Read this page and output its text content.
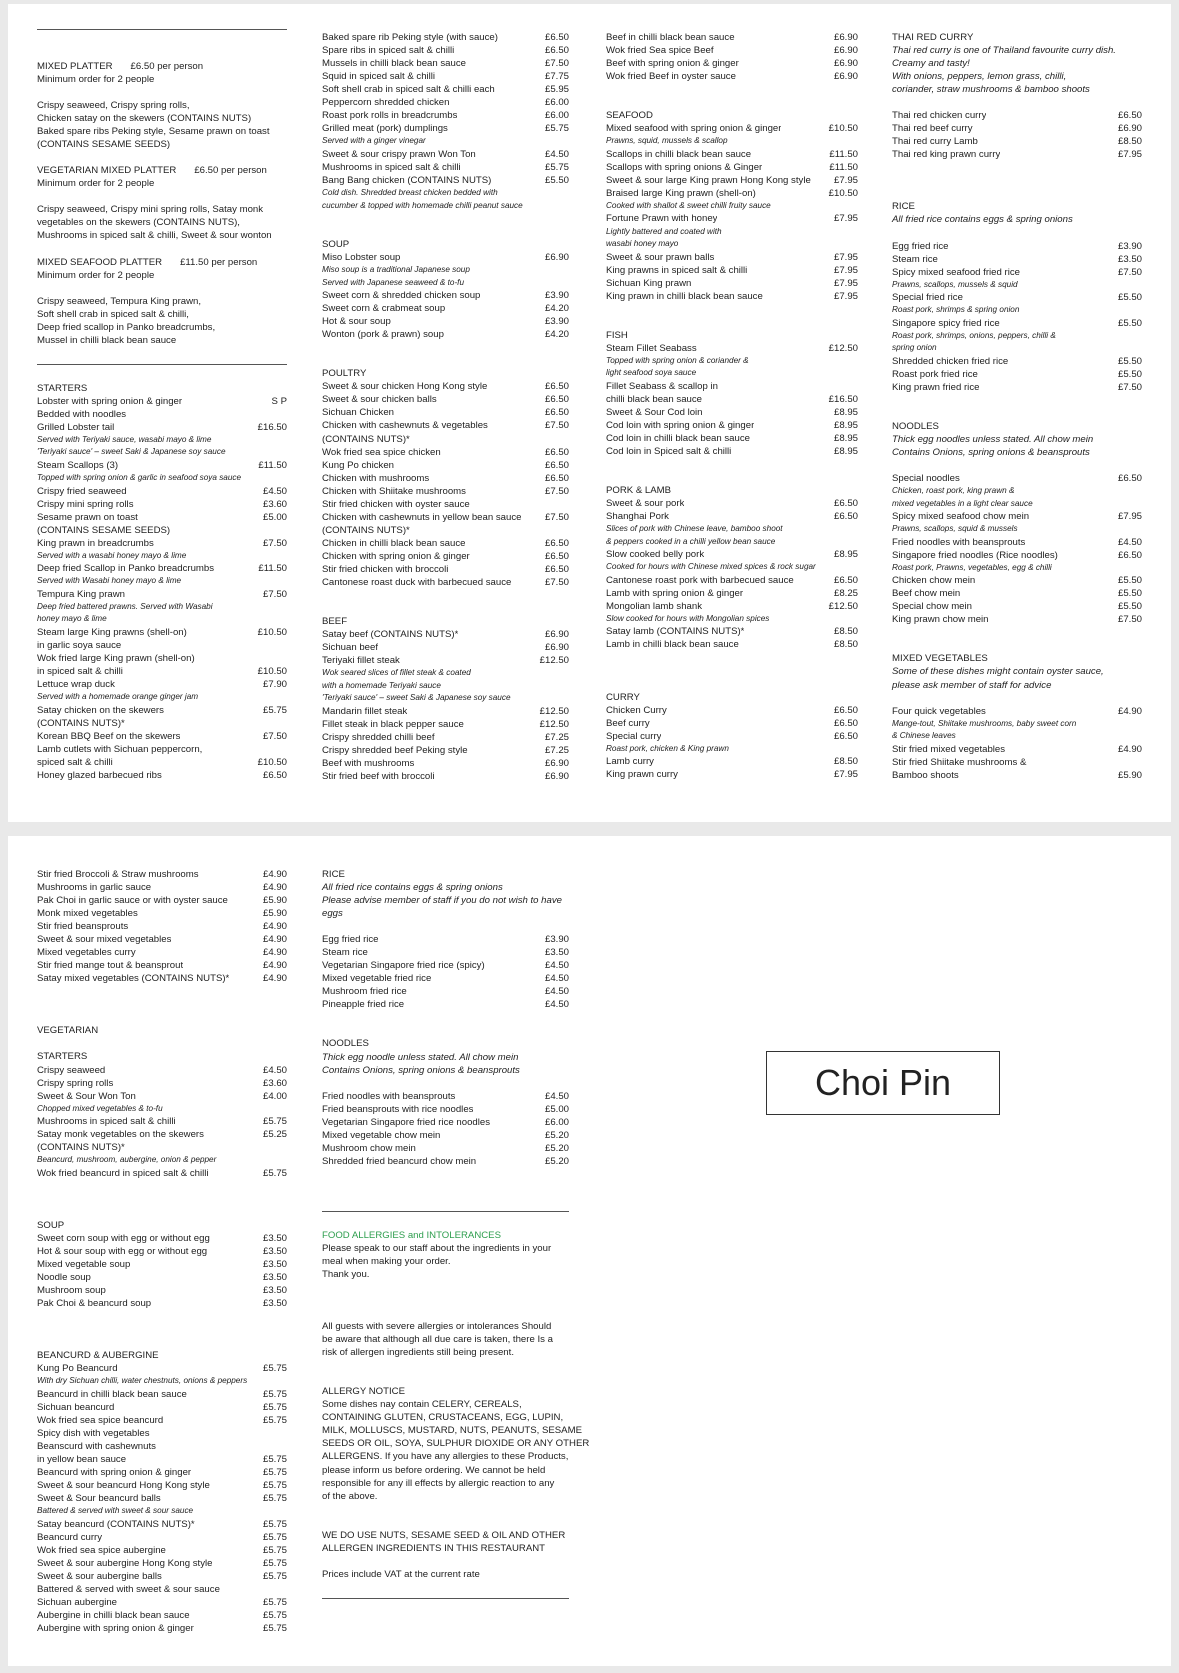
MIXED PLATTER £6.50 per person
Minimum order for 2 people
Crispy seaweed, Crispy spring rolls,
Chicken satay on the skewers (CONTAINS NUTS)
Baked spare ribs Peking style, Sesame prawn on toast
(CONTAINS SESAME SEEDS)
VEGETARIAN MIXED PLATTER £6.50 per person
Minimum order for 2 people
Crispy seaweed, Crispy mini spring rolls, Satay monk
vegetables on the skewers (CONTAINS NUTS),
Mushrooms in spiced salt & chilli, Sweet & sour wonton
MIXED SEAFOOD PLATTER £11.50 per person
Minimum order for 2 people
Crispy seaweed, Tempura King prawn,
Soft shell crab in spiced salt & chilli,
Deep fried scallop in Panko breadcrumbs,
Mussel in chilli black bean sauce
STARTERS
Lobster with spring onion & ginger	S P
Bedded with noodles
Grilled Lobster tail	£16.50
Served with Teriyaki sauce, wasabi mayo & lime
'Teriyaki sauce' – sweet Saki & Japanese soy sauce
Steam Scallops (3)	£11.50
Topped with spring onion & garlic in seafood soya sauce
Crispy fried seaweed	£4.50
Crispy mini spring rolls	£3.60
Sesame prawn on toast	£5.00
(CONTAINS SESAME SEEDS)
King prawn in breadcrumbs	£7.50
Served with a wasabi honey mayo & lime
Deep fried Scallop in Panko breadcrumbs	£11.50
Served with Wasabi honey mayo & lime
Tempura King prawn	£7.50
Deep fried battered prawns. Served with Wasabi
honey mayo & lime
Steam large King prawns (shell-on)	£10.50
in garlic soya sauce
Wok fried large King prawn (shell-on)
in spiced salt & chilli	£10.50
Lettuce wrap duck	£7.90
Served with a homemade orange ginger jam
Satay chicken on the skewers	£5.75
(CONTAINS NUTS)*
Korean BBQ Beef on the skewers	£7.50
Lamb cutlets with Sichuan peppercorn,
spiced salt & chilli	£10.50
Honey glazed barbecued ribs	£6.50
Baked spare rib Peking style (with sauce)	£6.50
Spare ribs in spiced salt & chilli	£6.50
Mussels in chilli black bean sauce	£7.50
Squid in spiced salt & chilli	£7.75
Soft shell crab in spiced salt & chilli each	£5.95
Peppercorn shredded chicken	£6.00
Roast pork rolls in breadcrumbs	£6.00
Grilled meat (pork) dumplings	£5.75
Served with a ginger vinegar
Sweet & sour crispy prawn Won Ton	£4.50
Mushrooms in spiced salt & chilli	£5.75
Bang Bang chicken (CONTAINS NUTS)	£5.50
Cold dish. Shredded breast chicken bedded with
cucumber & topped with homemade chilli peanut sauce
SOUP
Miso Lobster soup	£6.90
Miso soup is a traditional Japanese soup
Served with Japanese seaweed & to-fu
Sweet corn & shredded chicken soup	£3.90
Sweet corn & crabmeat soup	£4.20
Hot & sour soup	£3.90
Wonton (pork & prawn) soup	£4.20
POULTRY
Sweet & sour chicken Hong Kong style	£6.50
Sweet & sour chicken balls	£6.50
Sichuan Chicken	£6.50
Chicken with cashewnuts & vegetables	£7.50
(CONTAINS NUTS)*
Wok fried sea spice chicken	£6.50
Kung Po chicken	£6.50
Chicken with mushrooms	£6.50
Chicken with Shiitake mushrooms	£7.50
Stir fried chicken with oyster sauce
Chicken with cashewnuts in yellow bean sauce £7.50
(CONTAINS NUTS)*
Chicken in chilli black bean sauce	£6.50
Chicken with spring onion & ginger	£6.50
Stir fried chicken with broccoli	£6.50
Cantonese roast duck with barbecued sauce	£7.50
BEEF
Satay beef (CONTAINS NUTS)*	£6.90
Sichuan beef	£6.90
Teriyaki fillet steak	£12.50
Wok seared slices of fillet steak & coated
with a homemade Teriyaki sauce
'Teriyaki sauce' – sweet Saki & Japanese soy sauce
Mandarin fillet steak	£12.50
Fillet steak in black pepper sauce	£12.50
Crispy shredded chilli beef	£7.25
Crispy shredded beef Peking style	£7.25
Beef with mushrooms	£6.90
Stir fried beef with broccoli	£6.90
Beef in chilli black bean sauce	£6.90
Wok fried Sea spice Beef	£6.90
Beef with spring onion & ginger	£6.90
Wok fried Beef in oyster sauce	£6.90
SEAFOOD
Mixed seafood with spring onion & ginger	£10.50
Prawns, squid, mussels & scallop
Scallops in chilli black bean sauce	£11.50
Scallops with spring onions & Ginger	£11.50
Sweet & sour large King prawn Hong Kong style £7.95
Braised large King prawn (shell-on)	£10.50
Cooked with shallot & sweet chilli fruity sauce
Fortune Prawn with honey	£7.95
Lightly battered and coated with
wasabi honey mayo
Sweet & sour prawn balls	£7.95
King prawns in spiced salt & chilli	£7.95
Sichuan King prawn	£7.95
King prawn in chilli black bean sauce	£7.95
FISH
Steam Fillet Seabass	£12.50
Topped with spring onion & coriander &
light seafood soya sauce
Fillet Seabass & scallop in
chilli black bean sauce	£16.50
Sweet & Sour Cod loin	£8.95
Cod loin with spring onion & ginger	£8.95
Cod loin in chilli black bean sauce	£8.95
Cod loin in Spiced salt & chilli	£8.95
PORK & LAMB
Sweet & sour pork	£6.50
Shanghai Pork	£6.50
Slices of pork with Chinese leave, bamboo shoot
& peppers cooked in a chilli yellow bean sauce
Slow cooked belly pork	£8.95
Cooked for hours with Chinese mixed spices & rock sugar
Cantonese roast pork with barbecued sauce	£6.50
Lamb with spring onion & ginger	£8.25
Mongolian lamb shank	£12.50
Slow cooked for hours with Mongolian spices
Satay lamb (CONTAINS NUTS)*	£8.50
Lamb in chilli black bean sauce	£8.50
CURRY
Chicken Curry	£6.50
Beef curry	£6.50
Special curry	£6.50
Roast pork, chicken & King prawn
Lamb curry	£8.50
King prawn curry	£7.95
THAI RED CURRY
Thai red curry is one of Thailand favourite curry dish.
Creamy and tasty!
With onions, peppers, lemon grass, chilli,
coriander, straw mushrooms & bamboo shoots
Thai red chicken curry	£6.50
Thai red beef curry	£6.90
Thai red curry Lamb	£8.50
Thai red king prawn curry	£7.95
RICE
All fried rice contains eggs & spring onions
Egg fried rice	£3.90
Steam rice	£3.50
Spicy mixed seafood fried rice	£7.50
Prawns, scallops, mussels & squid
Special fried rice	£5.50
Roast pork, shrimps & spring onion
Singapore spicy fried rice	£5.50
Roast pork, shrimps, onions, peppers, chilli &
spring onion
Shredded chicken fried rice	£5.50
Roast pork fried rice	£5.50
King prawn fried rice	£7.50
NOODLES
Thick egg noodles unless stated. All chow mein
Contains Onions, spring onions & beansprouts
Special noodles	£6.50
Chicken, roast pork, king prawn &
mixed vegetables in a light clear sauce
Spicy mixed seafood chow mein	£7.95
Prawns, scallops, squid & mussels
Fried noodles with beansprouts	£4.50
Singapore fried noodles (Rice noodles)	£6.50
Roast pork, Prawns, vegetables, egg & chilli
Chicken chow mein	£5.50
Beef chow mein	£5.50
Special chow mein	£5.50
King prawn chow mein	£7.50
MIXED VEGETABLES
Some of these dishes might contain oyster sauce,
please ask member of staff for advice
Four quick vegetables	£4.90
Mange-tout, Shiitake mushrooms, baby sweet corn
& Chinese leaves
Stir fried mixed vegetables	£4.90
Stir fried Shiitake mushrooms &
Bamboo shoots	£5.90
Stir fried Broccoli & Straw mushrooms	£4.90
Mushrooms in garlic sauce	£4.90
Pak Choi in garlic sauce or with oyster sauce	£5.90
Monk mixed vegetables	£5.90
Stir fried beansprouts	£4.90
Sweet & sour mixed vegetables	£4.90
Mixed vegetables curry	£4.90
Stir fried mange tout & beansprout	£4.90
Satay mixed vegetables (CONTAINS NUTS)*	£4.90
VEGETARIAN
STARTERS
Crispy seaweed	£4.50
Crispy spring rolls	£3.60
Sweet & Sour Won Ton	£4.00
Chopped mixed vegetables & to-fu
Mushrooms in spiced salt & chilli	£5.75
Satay monk vegetables on the skewers	£5.25
(CONTAINS NUTS)*
Beancurd, mushroom, aubergine, onion & pepper
Wok fried beancurd in spiced salt & chilli	£5.75
SOUP
Sweet corn soup with egg or without egg	£3.50
Hot & sour soup with egg or without egg	£3.50
Mixed vegetable soup	£3.50
Noodle soup	£3.50
Mushroom soup	£3.50
Pak Choi & beancurd soup	£3.50
BEANCURD & AUBERGINE
Kung Po Beancurd	£5.75
With dry Sichuan chilli, water chestnuts, onions & peppers
Beancurd in chilli black bean sauce	£5.75
Sichuan beancurd	£5.75
Wok fried sea spice beancurd	£5.75
Spicy dish with vegetables
Beanscurd with cashewnuts
in yellow bean sauce	£5.75
Beancurd with spring onion & ginger	£5.75
Sweet & sour beancurd Hong Kong style	£5.75
Sweet & Sour beancurd balls	£5.75
Battered & served with sweet & sour sauce
Satay beancurd (CONTAINS NUTS)*	£5.75
Beancurd curry	£5.75
Wok fried sea spice aubergine	£5.75
Sweet & sour aubergine Hong Kong style	£5.75
Sweet & sour aubergine balls	£5.75
Battered & served with sweet & sour sauce
Sichuan aubergine	£5.75
Aubergine in chilli black bean sauce	£5.75
Aubergine with spring onion & ginger	£5.75
RICE
All fried rice contains eggs & spring onions
Please advise member of staff if you do not wish to have
eggs
Egg fried rice	£3.90
Steam rice	£3.50
Vegetarian Singapore fried rice (spicy)	£4.50
Mixed vegetable fried rice	£4.50
Mushroom fried rice	£4.50
Pineapple fried rice	£4.50
NOODLES
Thick egg noodle unless stated. All chow mein
Contains Onions, spring onions & beansprouts
Fried noodles with beansprouts	£4.50
Fried beansprouts with rice noodles	£5.00
Vegetarian Singapore fried rice noodles	£6.00
Mixed vegetable chow mein	£5.20
Mushroom chow mein	£5.20
Shredded fried beancurd chow mein	£5.20
FOOD ALLERGIES and INTOLERANCES
Please speak to our staff about the ingredients in your
meal when making your order.
Thank you.
All guests with severe allergies or intolerances Should
be aware that although all due care is taken, there Is a
risk of allergen ingredients still being present.
ALLERGY NOTICE
Some dishes nay contain CELERY, CEREALS,
CONTAINING GLUTEN, CRUSTACEANS, EGG, LUPIN,
MILK, MOLLUSCS, MUSTARD, NUTS, PEANUTS, SESAME
SEEDS OR OIL, SOYA, SULPHUR DIOXIDE OR ANY OTHER
ALLERGENS. If you have any allergies to these Products,
please inform us before ordering. We cannot be held
responsible for any ill effects by allergic reaction to any
of the above.
WE DO USE NUTS, SESAME SEED & OIL AND OTHER
ALLERGEN INGREDIENTS IN THIS RESTAURANT
Prices include VAT at the current rate
Choi Pin
